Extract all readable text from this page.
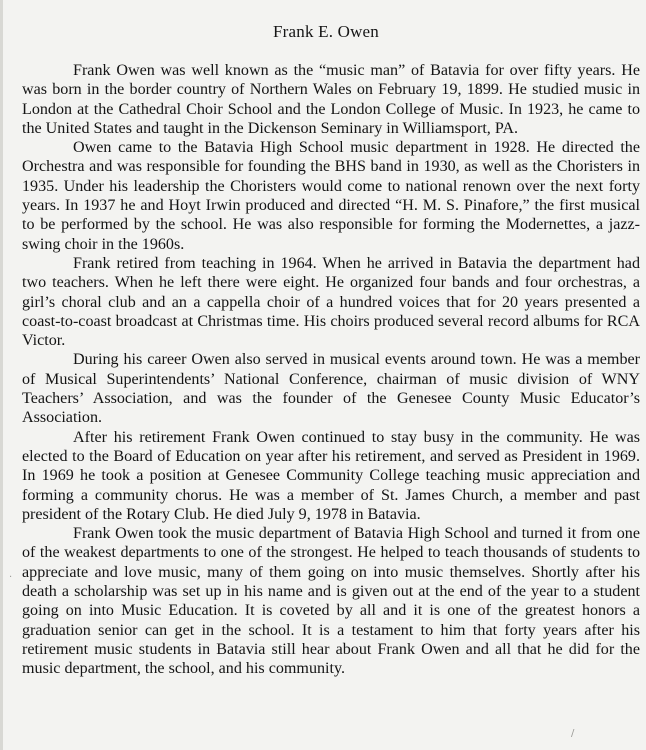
Frank E. Owen

Frank Owen was well known as the “music man” of Batavia for over fifty years. He was born in the border country of Northern Wales on February 19, 1899. He studied music in London at the Cathedral Choir School and the London College of Music. In 1923, he came to the United States and taught in the Dickenson Seminary in Williamsport, PA.

Owen came to the Batavia High School music department in 1928. He directed the Orchestra and was responsible for founding the BHS band in 1930, as well as the Choristers in 1935. Under his leadership the Choristers would come to national renown over the next forty years. In 1937 he and Hoyt Irwin produced and directed “H. M. S. Pinafore,” the first musical to be performed by the school. He was also responsible for forming the Modernettes, a jazz-swing choir in the 1960s.

Frank retired from teaching in 1964. When he arrived in Batavia the department had two teachers. When he left there were eight. He organized four bands and four orchestras, a girl’s choral club and an a cappella choir of a hundred voices that for 20 years presented a coast-to-coast broadcast at Christmas time. His choirs produced several record albums for RCA Victor.

During his career Owen also served in musical events around town. He was a member of Musical Superintendents’ National Conference, chairman of music division of WNY Teachers’ Association, and was the founder of the Genesee County Music Educator’s Association.

After his retirement Frank Owen continued to stay busy in the community. He was elected to the Board of Education on year after his retirement, and served as President in 1969. In 1969 he took a position at Genesee Community College teaching music appreciation and forming a community chorus. He was a member of St. James Church, a member and past president of the Rotary Club. He died July 9, 1978 in Batavia.

Frank Owen took the music department of Batavia High School and turned it from one of the weakest departments to one of the strongest. He helped to teach thousands of students to appreciate and love music, many of them going on into music themselves. Shortly after his death a scholarship was set up in his name and is given out at the end of the year to a student going on into Music Education. It is coveted by all and it is one of the greatest honors a graduation senior can get in the school. It is a testament to him that forty years after his retirement music students in Batavia still hear about Frank Owen and all that he did for the music department, the school, and his community.

·
/
